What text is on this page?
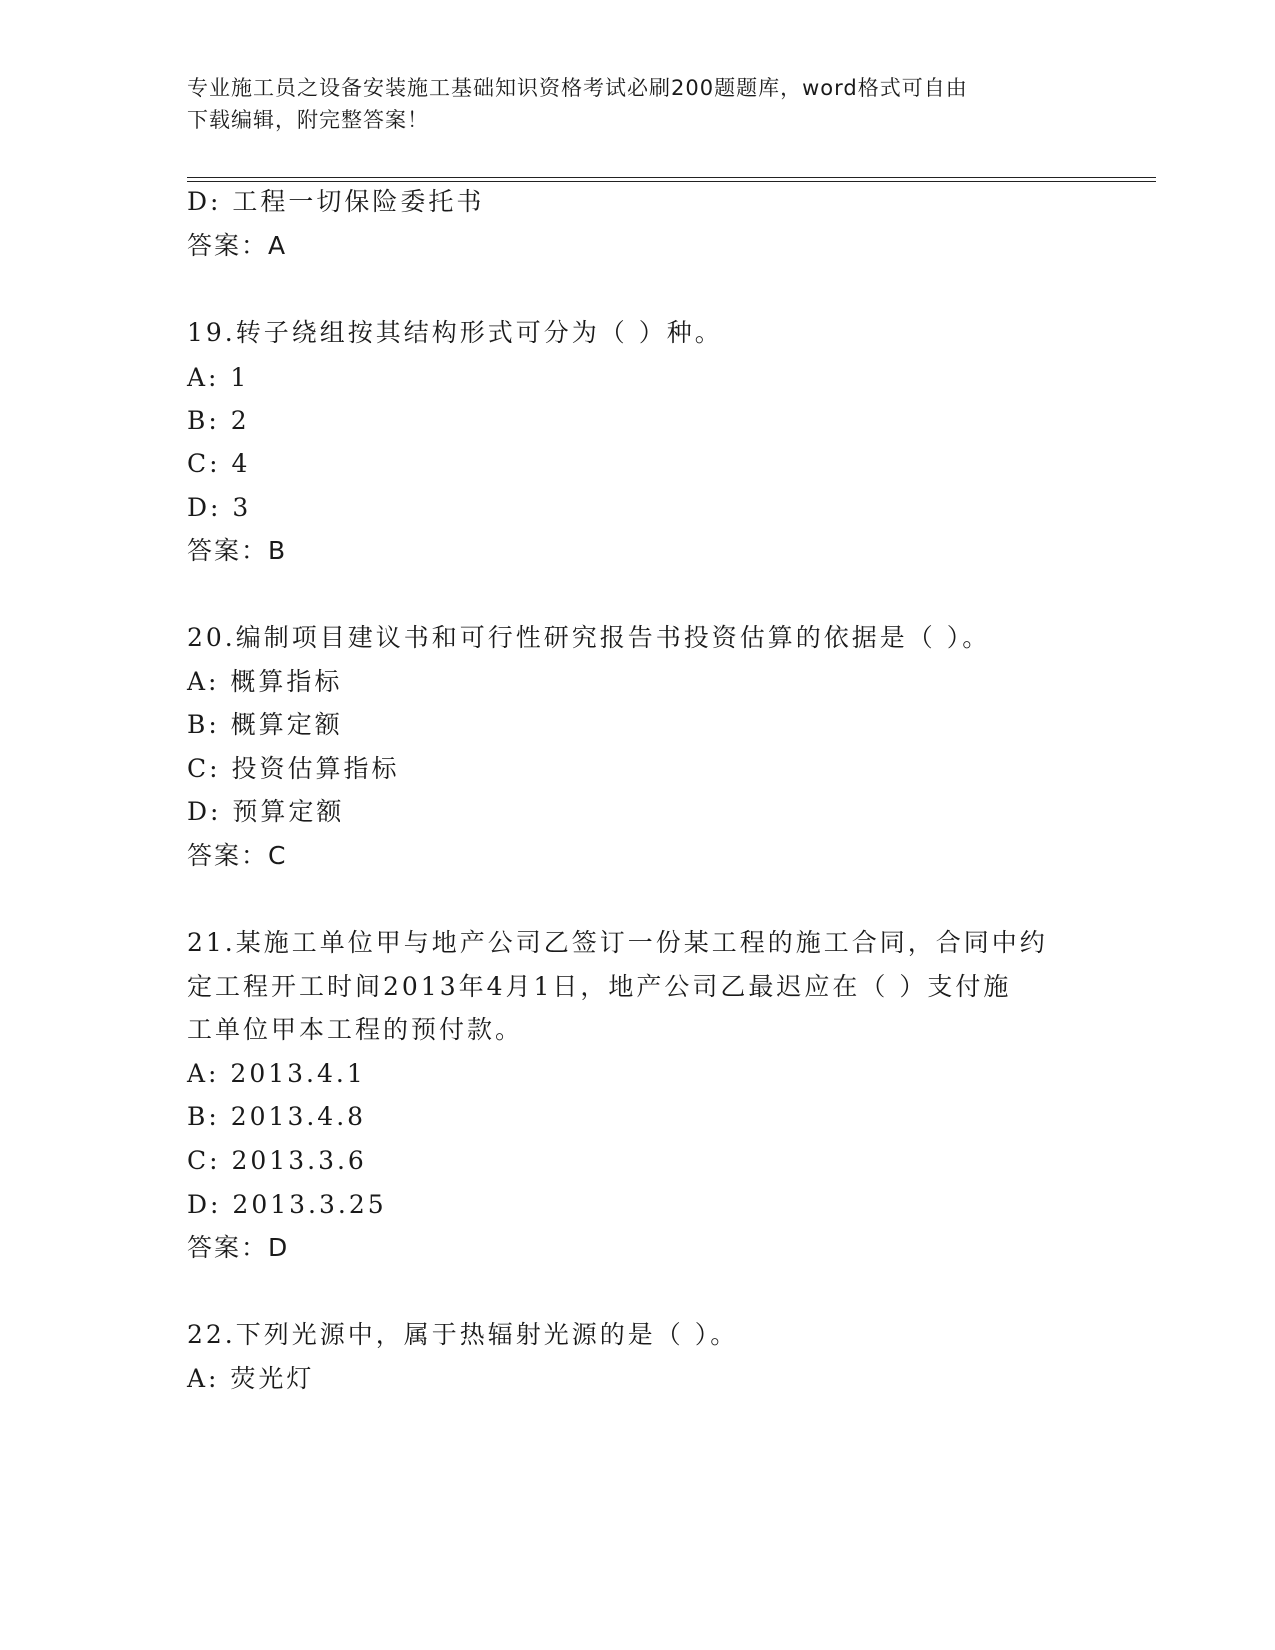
专业施工员之设备安装施工基础知识资格考试必刷200题题库，word格式可自由
下载编辑，附完整答案！
D: 工程一切保险委托书
答案：A
19.转子绕组按其结构形式可分为（ ）种。
A: 1
B: 2
C: 4
D: 3
答案：B
20.编制项目建议书和可行性研究报告书投资估算的依据是（ ）。
A: 概算指标
B: 概算定额
C: 投资估算指标
D: 预算定额
答案：C
21.某施工单位甲与地产公司乙签订一份某工程的施工合同，合同中约
定工程开工时间2013年4月1日，地产公司乙最迟应在（ ）支付施
工单位甲本工程的预付款。
A: 2013.4.1
B: 2013.4.8
C: 2013.3.6
D: 2013.3.25
答案：D
22.下列光源中，属于热辐射光源的是（ ）。
A: 荧光灯
